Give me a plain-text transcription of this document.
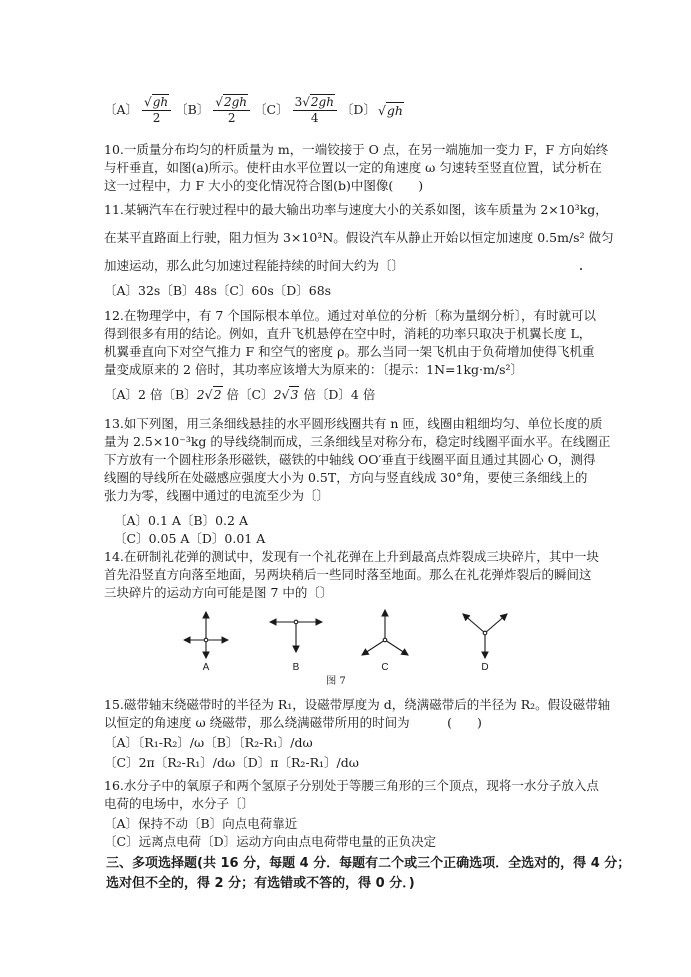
〔A〕 $\frac{√gh}{2}$ 〔B〕 $\frac{√2gh}{2}$ 〔C〕 $\frac{3√2gh}{4}$ 〔D〕 √gh
10.一质量分布均匀的杆质量为 m，一端铰接于 O 点，在另一端施加一变力 F，F 方向始终
与杆垂直，如图(a)所示。使杆由水平位置以一定的角速度 ω 匀速转至竖直位置，试分析在
这一过程中，力 F 大小的变化情况符合图(b)中图像(　　)
11.某辆汽车在行驶过程中的最大输出功率与速度大小的关系如图，该车质量为 2×10³kg，
在某平直路面上行驶，阻力恒为 3×10³N。假设汽车从静止开始以恒定加速度 0.5m/s² 做匀
加速运动，那么此匀加速过程能持续的时间大约为〔〕
〔A〕32s〔B〕48s〔C〕60s〔D〕68s
12.在物理学中，有 7 个国际根本单位。通过对单位的分析〔称为量纲分析〕，有时就可以
得到很多有用的结论。例如，直升飞机悬停在空中时，消耗的功率只取决于机翼长度 L，
机翼垂直向下对空气推力 F 和空气的密度 ρ。那么当同一架飞机由于负荷增加使得飞机重
量变成原来的 2 倍时，其功率应该增大为原来的：〔提示：1N=1kg·m/s²〕
〔A〕2 倍〔B〕2√2 倍〔C〕2√3 倍〔D〕4 倍
13.如下列图，用三条细线悬挂的水平圆形线圈共有 n 匝，线圈由粗细均匀、单位长度的质
量为 2.5×10⁻³kg 的导线绕制而成，三条细线呈对称分布，稳定时线圈平面水平。在线圈正
下方放有一个圆柱形条形磁铁，磁铁的中轴线 OO′垂直于线圈平面且通过其圆心 O，测得
线圈的导线所在处磁感应强度大小为 0.5T，方向与竖直线成 30°角，要使三条细线上的
张力为零，线圈中通过的电流至少为〔〕
〔A〕0.1 A〔B〕0.2 A
〔C〕0.05 A〔D〕0.01 A
14.在研制礼花弹的测试中，发现有一个礼花弹在上升到最高点炸裂成三块碎片，其中一块
首先沿竖直方向落至地面，另两块稍后一些同时落至地面。那么在礼花弹炸裂后的瞬间这
三块碎片的运动方向可能是图 7 中的〔〕
A	B	C	D
图 7
15.磁带轴末绕磁带时的半径为 R₁，设磁带厚度为 d，绕满磁带后的半径为 R₂。假设磁带轴
以恒定的角速度 ω 绕磁带，那么绕满磁带所用的时间为　　　(　　)
〔A〕〔R₁-R₂〕/ω〔B〕〔R₂-R₁〕/dω
〔C〕2π〔R₂-R₁〕/dω〔D〕π〔R₂-R₁〕/dω
16.水分子中的氧原子和两个氢原子分别处于等腰三角形的三个顶点，现将一水分子放入点
电荷的电场中，水分子〔〕
〔A〕保持不动〔B〕向点电荷靠近
〔C〕远离点电荷〔D〕运动方向由点电荷带电量的正负决定
三、多项选择题(共 16 分，每题 4 分．每题有二个或三个正确选项．全选对的，得 4 分；
选对但不全的，得 2 分；有选错或不答的，得 0 分．)
